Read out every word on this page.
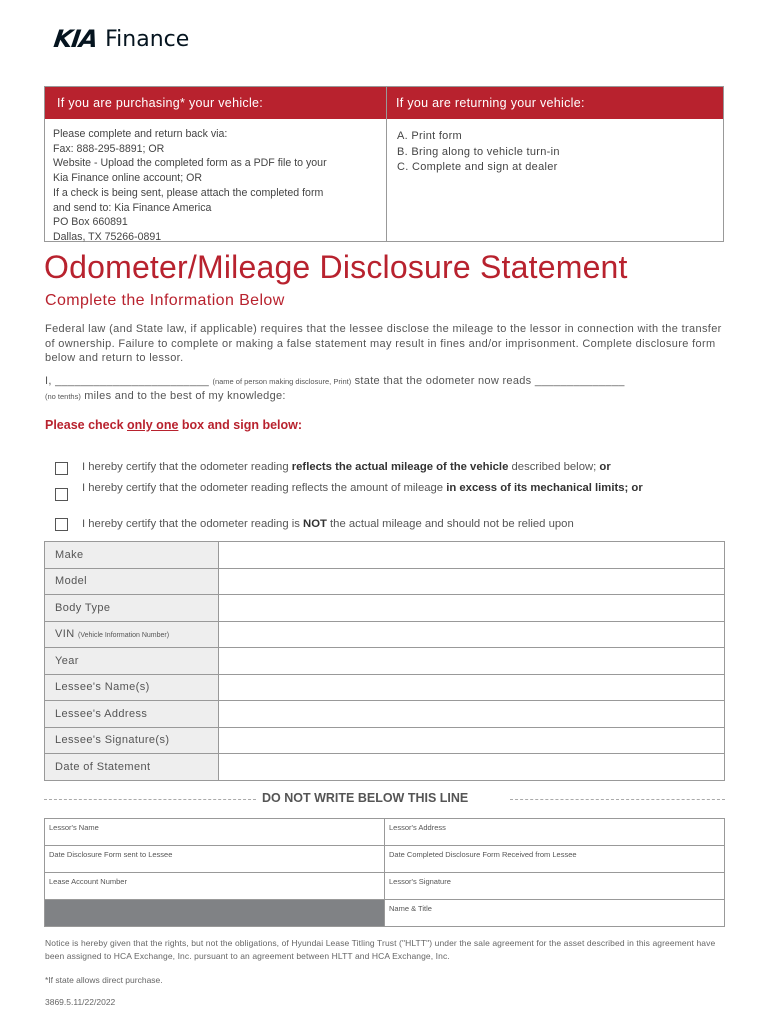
KIA Finance
If you are purchasing* your vehicle:	If you are returning your vehicle:
Please complete and return back via:
Fax: 888-295-8891; OR
Website - Upload the completed form as a PDF file to your
Kia Finance online account; OR
If a check is being sent, please attach the completed form
and send to: Kia Finance America
PO Box 660891
Dallas, TX 75266-0891
A. Print form
B. Bring along to vehicle turn-in
C. Complete and sign at dealer
Odometer/Mileage Disclosure Statement
Complete the Information Below
Federal law (and State law, if applicable) requires that the lessee disclose the mileage to the lessor in connection with the transfer of ownership. Failure to complete or making a false statement may result in fines and/or imprisonment. Complete disclosure form below and return to lessor.
I, ________________________ (name of person making disclosure, Print) state that the odometer now reads ______________
(no tenths) miles and to the best of my knowledge:
Please check only one box and sign below:
I hereby certify that the odometer reading reflects the actual mileage of the vehicle described below; or
I hereby certify that the odometer reading reflects the amount of mileage in excess of its mechanical limits; or
I hereby certify that the odometer reading is NOT the actual mileage and should not be relied upon
Make	
Model	
Body Type	
VIN (Vehicle Information Number)	
Year	
Lessee's Name(s)	
Lessee's Address	
Lessee's Signature(s)	
Date of Statement	
DO NOT WRITE BELOW THIS LINE
Lessor's Name	Lessor's Address

Date Disclosure Form sent to Lessee	Date Completed Disclosure Form Received from Lessee

Lease Account Number	Lessor's Signature

	Name & Title
Notice is hereby given that the rights, but not the obligations, of Hyundai Lease Titling Trust ("HLTT") under the sale agreement for the asset described in this agreement have been assigned to HCA Exchange, Inc. pursuant to an agreement between HLTT and HCA Exchange, Inc.
*If state allows direct purchase.
3869.5.11/22/2022
